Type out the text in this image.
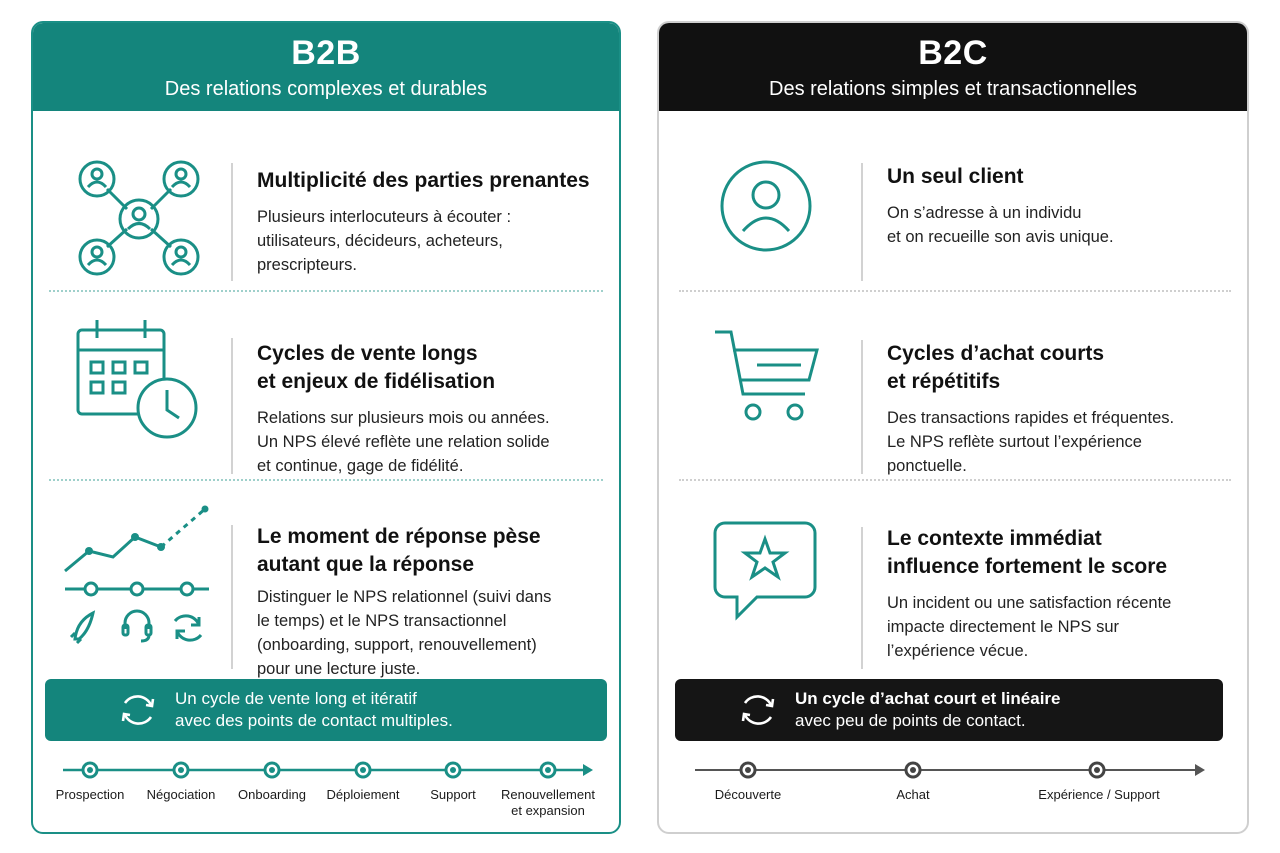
B2B
Des relations complexes et durables
Multiplicité des parties prenantes
Plusieurs interlocuteurs à écouter :
utilisateurs, décideurs, acheteurs,
prescripteurs.
Cycles de vente longs
et enjeux de fidélisation
Relations sur plusieurs mois ou années.
Un NPS élevé reflète une relation solide
et continue, gage de fidélité.
Le moment de réponse pèse
autant que la réponse
Distinguer le NPS relationnel (suivi dans
le temps) et le NPS transactionnel
(onboarding, support, renouvellement)
pour une lecture juste.
Un cycle de vente long et itératif
avec des points de contact multiples.
Prospection	Négociation	Onboarding	Déploiement	Support	Renouvellement
et expansion
B2C
Des relations simples et transactionnelles
Un seul client
On s’adresse à un individu
et on recueille son avis unique.
Cycles d’achat courts
et répétitifs
Des transactions rapides et fréquentes.
Le NPS reflète surtout l’expérience
ponctuelle.
Le contexte immédiat
influence fortement le score
Un incident ou une satisfaction récente
impacte directement le NPS sur
l’expérience vécue.
Un cycle d’achat court et linéaire
avec peu de points de contact.
Découverte	Achat	Expérience / Support
